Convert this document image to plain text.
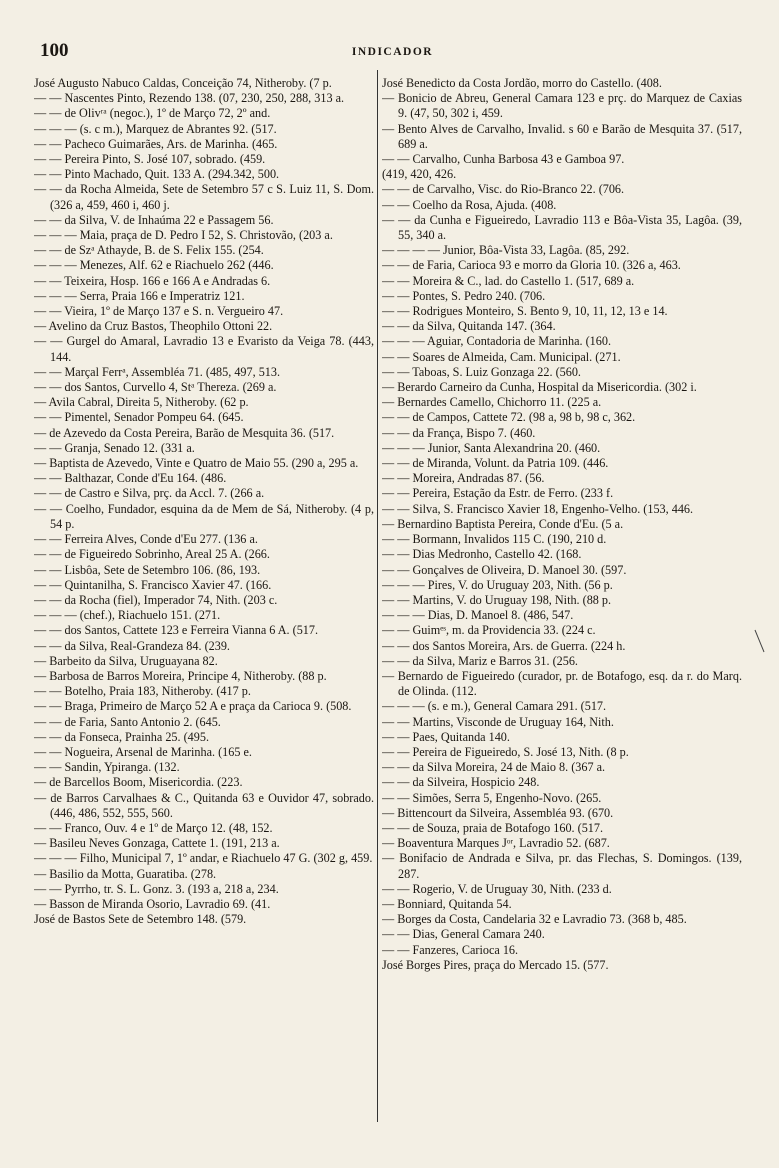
100	INDICADOR

José Augusto Nabuco Caldas, Conceição 74, Nitheroby. (7 p.

— — Nascentes Pinto, Rezendo 138. (07, 230, 250, 288, 313 a.

— — de Olivʳᵃ (negoc.), 1º de Março 72, 2º and.

— — — (s. c m.), Marquez de Abrantes 92. (517.

— — Pacheco Guimarães, Ars. de Marinha. (465.

— — Pereira Pinto, S. José 107, sobrado. (459.

— — Pinto Machado, Quit. 133 A. (294.342, 500.

— — da Rocha Almeida, Sete de Setembro 57 c S. Luiz 11, S. Dom. (326 a, 459, 460 i, 460 j.

— — da Silva, V. de Inhaúma 22 e Passagem 56.

— — — Maia, praça de D. Pedro I 52, S. Christovão, (203 a.

— — de Szᵃ Athayde, B. de S. Felix 155. (254.

— — — Menezes, Alf. 62 e Riachuelo 262 (446.

— — Teixeira, Hosp. 166 e 166 A e Andradas 6.

— — — Serra, Praia 166 e Imperatriz 121.

— — Vieira, 1º de Março 137 e S. n. Vergueiro 47.

— Avelino da Cruz Bastos, Theophilo Ottoni 22.

— — Gurgel do Amaral, Lavradio 13 e Evaristo da Veiga 78. (443, 144.

— — Marçal Ferrᵃ, Assembléa 71. (485, 497, 513.

— — dos Santos, Curvello 4, Stᵃ Thereza. (269 a.

— Avila Cabral, Direita 5, Nitheroby. (62 p.

— — Pimentel, Senador Pompeu 64. (645.

— de Azevedo da Costa Pereira, Barão de Mesquita 36. (517.

— — Granja, Senado 12. (331 a.

— Baptista de Azevedo, Vinte e Quatro de Maio 55. (290 a, 295 a.

— — Balthazar, Conde d'Eu 164. (486.

— — de Castro e Silva, prç. da Accl. 7. (266 a.

— — Coelho, Fundador, esquina da de Mem de Sá, Nitheroby. (4 p, 54 p.

— — Ferreira Alves, Conde d'Eu 277. (136 a.

— — de Figueiredo Sobrinho, Areal 25 A. (266.

— — Lisbôa, Sete de Setembro 106. (86, 193.

— — Quintanilha, S. Francisco Xavier 47. (166.

— — da Rocha (fiel), Imperador 74, Nith. (203 c.

— — — (chef.), Riachuelo 151. (271.

— — dos Santos, Cattete 123 e Ferreira Vianna 6 A. (517.

— — da Silva, Real-Grandeza 84. (239.

— Barbeito da Silva, Uruguayana 82.

— Barbosa de Barros Moreira, Principe 4, Nitheroby. (88 p.

— — Botelho, Praia 183, Nitheroby. (417 p.

— — Braga, Primeiro de Março 52 A e praça da Carioca 9. (508.

— — de Faria, Santo Antonio 2. (645.

— — da Fonseca, Prainha 25. (495.

— — Nogueira, Arsenal de Marinha. (165 e.

— — Sandin, Ypiranga. (132.

— de Barcellos Boom, Misericordia. (223.

— de Barros Carvalhaes & C., Quitanda 63 e Ouvidor 47, sobrado. (446, 486, 552, 555, 560.

— — Franco, Ouv. 4 e 1º de Março 12. (48, 152.

— Basileu Neves Gonzaga, Cattete 1. (191, 213 a.

— — — Filho, Municipal 7, 1º andar, e Riachuelo 47 G. (302 g, 459.

— Basilio da Motta, Guaratiba. (278.

— — Pyrrho, tr. S. L. Gonz. 3. (193 a, 218 a, 234.

— Basson de Miranda Osorio, Lavradio 69. (41.

José de Bastos Sete de Setembro 148. (579.

José Benedicto da Costa Jordão, morro do Castello. (408.

— Bonicio de Abreu, General Camara 123 e prç. do Marquez de Caxias 9. (47, 50, 302 i, 459.

— Bento Alves de Carvalho, Invalid. s 60 e Barão de Mesquita 37. (517, 689 a.

— — Carvalho, Cunha Barbosa 43 e Gamboa 97.

(419, 420, 426.

— — de Carvalho, Visc. do Rio-Branco 22. (706.

— — Coelho da Rosa, Ajuda. (408.

— — da Cunha e Figueiredo, Lavradio 113 e Bôa-Vista 35, Lagôa. (39, 55, 340 a.

— — — — Junior, Bôa-Vista 33, Lagôa. (85, 292.

— — de Faria, Carioca 93 e morro da Gloria 10. (326 a, 463.

— — Moreira & C., lad. do Castello 1. (517, 689 a.

— — Pontes, S. Pedro 240. (706.

— — Rodrigues Monteiro, S. Bento 9, 10, 11, 12, 13 e 14.

— — da Silva, Quitanda 147. (364.

— — — Aguiar, Contadoria de Marinha. (160.

— — Soares de Almeida, Cam. Municipal. (271.

— — Taboas, S. Luiz Gonzaga 22. (560.

— Berardo Carneiro da Cunha, Hospital da Misericordia. (302 i.

— Bernardes Camello, Chichorro 11. (225 a.

— — de Campos, Cattete 72. (98 a, 98 b, 98 c, 362.

— — da França, Bispo 7. (460.

— — — Junior, Santa Alexandrina 20. (460.

— — de Miranda, Volunt. da Patria 109. (446.

— — Moreira, Andradas 87. (56.

— — Pereira, Estação da Estr. de Ferro. (233 f.

— — Silva, S. Francisco Xavier 18, Engenho-Velho. (153, 446.

— Bernardino Baptista Pereira, Conde d'Eu. (5 a.

— — Bormann, Invalidos 115 C. (190, 210 d.

— — Dias Medronho, Castello 42. (168.

— — Gonçalves de Oliveira, D. Manoel 30. (597.

— — — Pires, V. do Uruguay 203, Nith. (56 p.

— — Martins, V. do Uruguay 198, Nith. (88 p.

— — — Dias, D. Manoel 8. (486, 547.

— — Guimᵉˢ, m. da Providencia 33. (224 c.

— — dos Santos Moreira, Ars. de Guerra. (224 h.

— — da Silva, Mariz e Barros 31. (256.

— Bernardo de Figueiredo (curador, pr. de Botafogo, esq. da r. do Marq. de Olinda. (112.

— — — (s. e m.), General Camara 291. (517.

— — Martins, Visconde de Uruguay 164, Nith.

— — Paes, Quitanda 140.

— — Pereira de Figueiredo, S. José 13, Nith. (8 p.

— — da Silva Moreira, 24 de Maio 8. (367 a.

— — da Silveira, Hospicio 248.

— — Simões, Serra 5, Engenho-Novo. (265.

— Bittencourt da Silveira, Assembléa 93. (670.

— — de Souza, praia de Botafogo 160. (517.

— Boaventura Marques Jᵒʳ, Lavradio 52. (687.

— Bonifacio de Andrada e Silva, pr. das Flechas, S. Domingos. (139, 287.

— — Rogerio, V. de Uruguay 30, Nith. (233 d.

— Bonniard, Quitanda 54.

— Borges da Costa, Candelaria 32 e Lavradio 73. (368 b, 485.

— — Dias, General Camara 240.

— — Fanzeres, Carioca 16.

José Borges Pires, praça do Mercado 15. (577.
